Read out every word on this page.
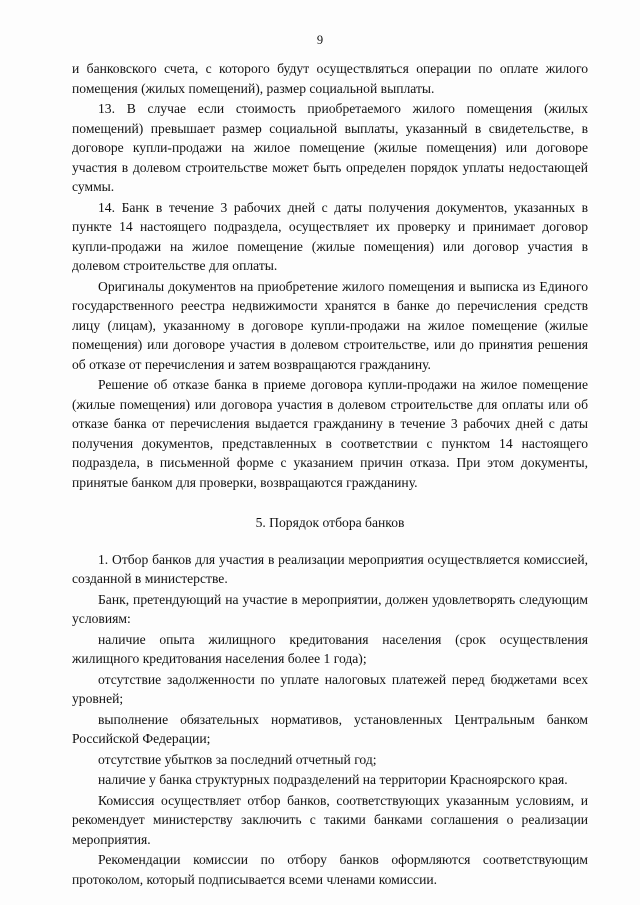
9

и банковского счета, с которого будут осуществляться операции по оплате жилого помещения (жилых помещений), размер социальной выплаты.

13. В случае если стоимость приобретаемого жилого помещения (жилых помещений) превышает размер социальной выплаты, указанный в свидетельстве, в договоре купли-продажи на жилое помещение (жилые помещения) или договоре участия в долевом строительстве может быть определен порядок уплаты недостающей суммы.

14. Банк в течение 3 рабочих дней с даты получения документов, указанных в пункте 14 настоящего подраздела, осуществляет их проверку и принимает договор купли-продажи на жилое помещение (жилые помещения) или договор участия в долевом строительстве для оплаты.

Оригиналы документов на приобретение жилого помещения и выписка из Единого государственного реестра недвижимости хранятся в банке до перечисления средств лицу (лицам), указанному в договоре купли-продажи на жилое помещение (жилые помещения) или договоре участия в долевом строительстве, или до принятия решения об отказе от перечисления и затем возвращаются гражданину.

Решение об отказе банка в приеме договора купли-продажи на жилое помещение (жилые помещения) или договора участия в долевом строительстве для оплаты или об отказе банка от перечисления выдается гражданину в течение 3 рабочих дней с даты получения документов, представленных в соответствии с пунктом 14 настоящего подраздела, в письменной форме с указанием причин отказа. При этом документы, принятые банком для проверки, возвращаются гражданину.

5. Порядок отбора банков

1. Отбор банков для участия в реализации мероприятия осуществляется комиссией, созданной в министерстве.

Банк, претендующий на участие в мероприятии, должен удовлетворять следующим условиям:

наличие опыта жилищного кредитования населения (срок осуществления жилищного кредитования населения более 1 года);

отсутствие задолженности по уплате налоговых платежей перед бюджетами всех уровней;

выполнение обязательных нормативов, установленных Центральным банком Российской Федерации;

отсутствие убытков за последний отчетный год;

наличие у банка структурных подразделений на территории Красноярского края.

Комиссия осуществляет отбор банков, соответствующих указанным условиям, и рекомендует министерству заключить с такими банками соглашения о реализации мероприятия.

Рекомендации комиссии по отбору банков оформляются соответствующим протоколом, который подписывается всеми членами комиссии.
